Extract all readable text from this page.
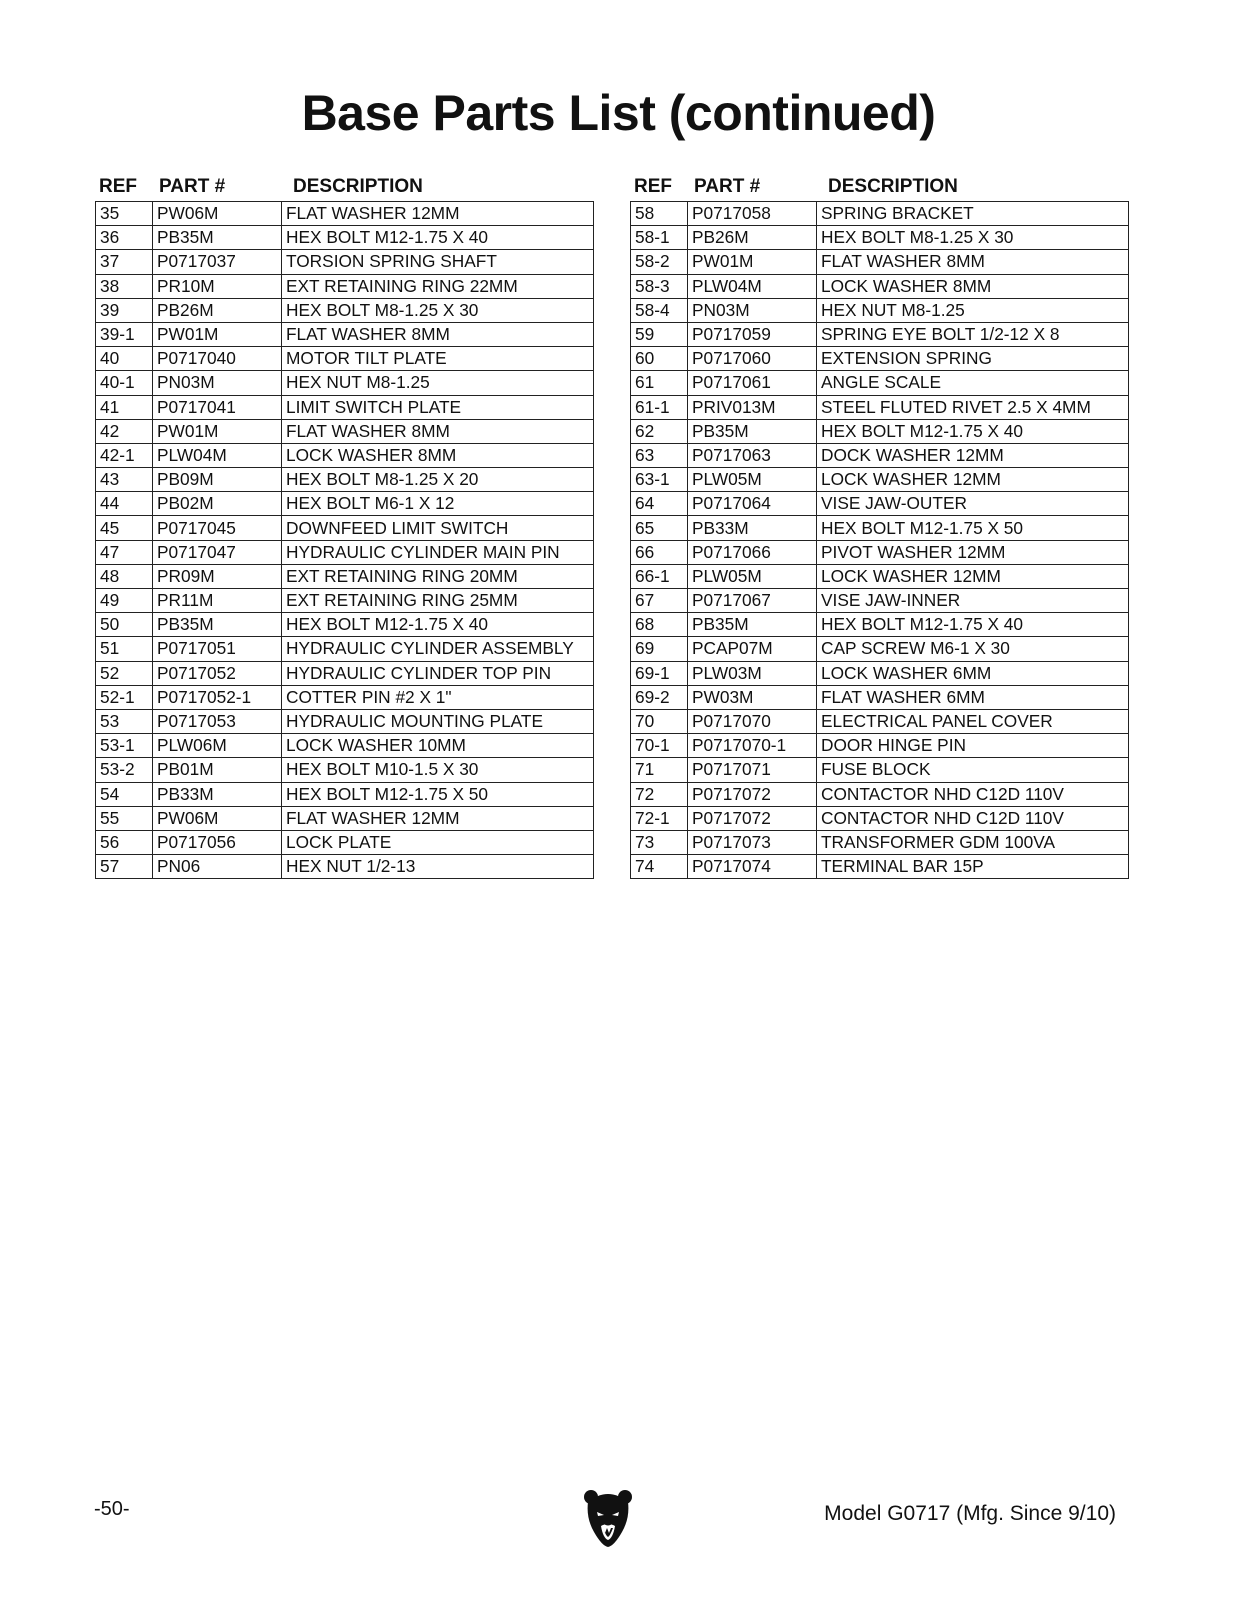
Base Parts List (continued)
REF	PART #	DESCRIPTION
35	PW06M	FLAT WASHER 12MM
36	PB35M	HEX BOLT M12-1.75 X 40
37	P0717037	TORSION SPRING SHAFT
38	PR10M	EXT RETAINING RING 22MM
39	PB26M	HEX BOLT M8-1.25 X 30
39-1	PW01M	FLAT WASHER 8MM
40	P0717040	MOTOR TILT PLATE
40-1	PN03M	HEX NUT M8-1.25
41	P0717041	LIMIT SWITCH PLATE
42	PW01M	FLAT WASHER 8MM
42-1	PLW04M	LOCK WASHER 8MM
43	PB09M	HEX BOLT M8-1.25 X 20
44	PB02M	HEX BOLT M6-1 X 12
45	P0717045	DOWNFEED LIMIT SWITCH
47	P0717047	HYDRAULIC CYLINDER MAIN PIN
48	PR09M	EXT RETAINING RING 20MM
49	PR11M	EXT RETAINING RING 25MM
50	PB35M	HEX BOLT M12-1.75 X 40
51	P0717051	HYDRAULIC CYLINDER ASSEMBLY
52	P0717052	HYDRAULIC CYLINDER TOP PIN
52-1	P0717052-1	COTTER PIN #2 X 1"
53	P0717053	HYDRAULIC MOUNTING PLATE
53-1	PLW06M	LOCK WASHER 10MM
53-2	PB01M	HEX BOLT M10-1.5 X 30
54	PB33M	HEX BOLT M12-1.75 X 50
55	PW06M	FLAT WASHER 12MM
56	P0717056	LOCK PLATE
57	PN06	HEX NUT 1/2-13
REF	PART #	DESCRIPTION
58	P0717058	SPRING BRACKET
58-1	PB26M	HEX BOLT M8-1.25 X 30
58-2	PW01M	FLAT WASHER 8MM
58-3	PLW04M	LOCK WASHER 8MM
58-4	PN03M	HEX NUT M8-1.25
59	P0717059	SPRING EYE BOLT 1/2-12 X 8
60	P0717060	EXTENSION SPRING
61	P0717061	ANGLE SCALE
61-1	PRIV013M	STEEL FLUTED RIVET 2.5 X 4MM
62	PB35M	HEX BOLT M12-1.75 X 40
63	P0717063	DOCK WASHER 12MM
63-1	PLW05M	LOCK WASHER 12MM
64	P0717064	VISE JAW-OUTER
65	PB33M	HEX BOLT M12-1.75 X 50
66	P0717066	PIVOT WASHER 12MM
66-1	PLW05M	LOCK WASHER 12MM
67	P0717067	VISE JAW-INNER
68	PB35M	HEX BOLT M12-1.75 X 40
69	PCAP07M	CAP SCREW M6-1 X 30
69-1	PLW03M	LOCK WASHER 6MM
69-2	PW03M	FLAT WASHER 6MM
70	P0717070	ELECTRICAL PANEL COVER
70-1	P0717070-1	DOOR HINGE PIN
71	P0717071	FUSE BLOCK
72	P0717072	CONTACTOR NHD C12D 110V
72-1	P0717072	CONTACTOR NHD C12D 110V
73	P0717073	TRANSFORMER GDM 100VA
74	P0717074	TERMINAL BAR 15P
-50-	Model G0717 (Mfg. Since 9/10)
